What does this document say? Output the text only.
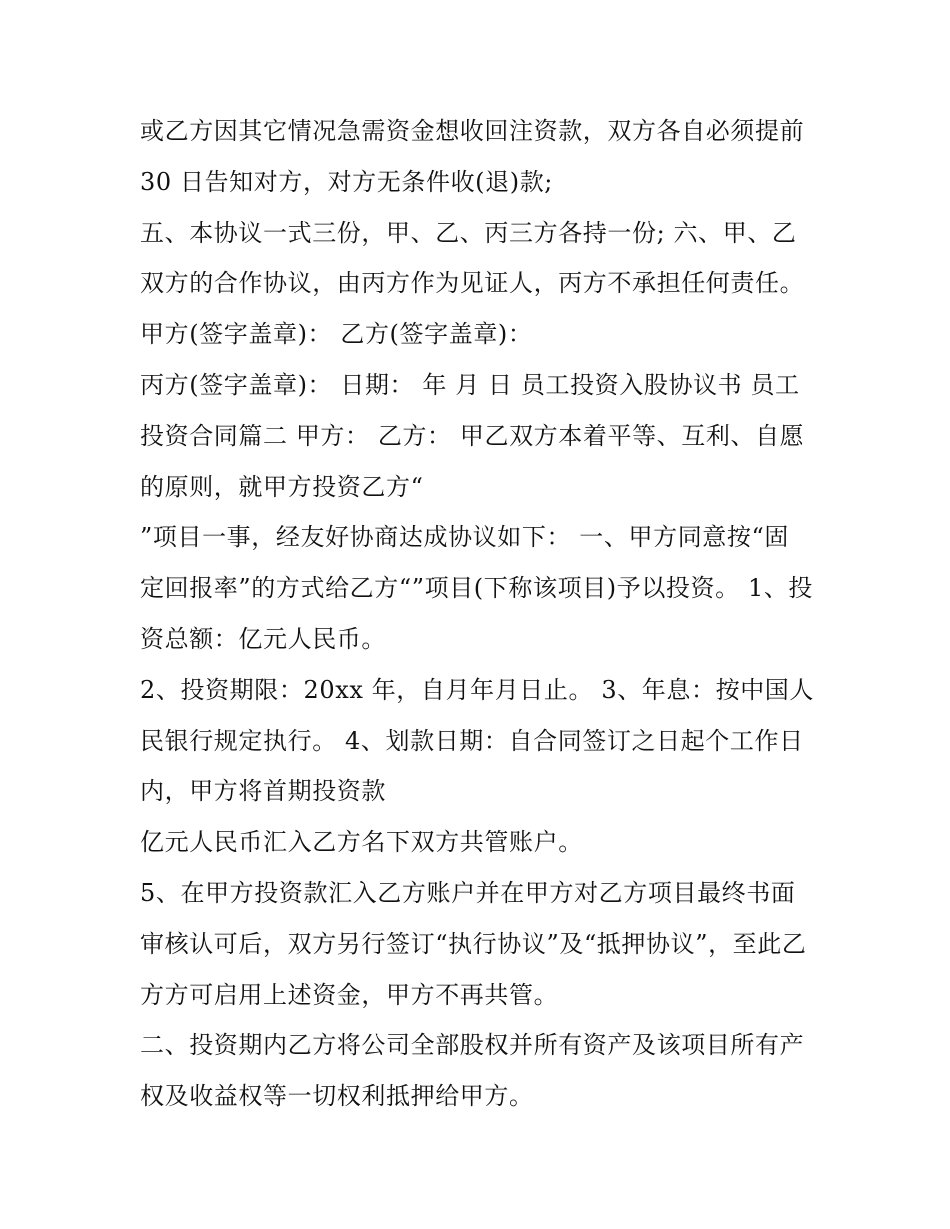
或乙方因其它情况急需资金想收回注资款，双方各自必须提前
30 日告知对方，对方无条件收(退)款;
五、本协议一式三份，甲、乙、丙三方各持一份; 六、甲、乙
双方的合作协议，由丙方作为见证人，丙方不承担任何责任。
甲方(签字盖章)： 乙方(签字盖章)：
丙方(签字盖章)： 日期： 年 月 日 员工投资入股协议书 员工
投资合同篇二 甲方： 乙方： 甲乙双方本着平等、互利、自愿
的原则，就甲方投资乙方“
”项目一事，经友好协商达成协议如下： 一、甲方同意按“固
定回报率”的方式给乙方“”项目(下称该项目)予以投资。 1、投
资总额：亿元人民币。
2、投资期限：20xx 年，自月年月日止。 3、年息：按中国人
民银行规定执行。 4、划款日期：自合同签订之日起个工作日
内，甲方将首期投资款
亿元人民币汇入乙方名下双方共管账户。
5、在甲方投资款汇入乙方账户并在甲方对乙方项目最终书面
审核认可后，双方另行签订“执行协议”及“抵押协议”，至此乙
方方可启用上述资金，甲方不再共管。
二、投资期内乙方将公司全部股权并所有资产及该项目所有产
权及收益权等一切权利抵押给甲方。
